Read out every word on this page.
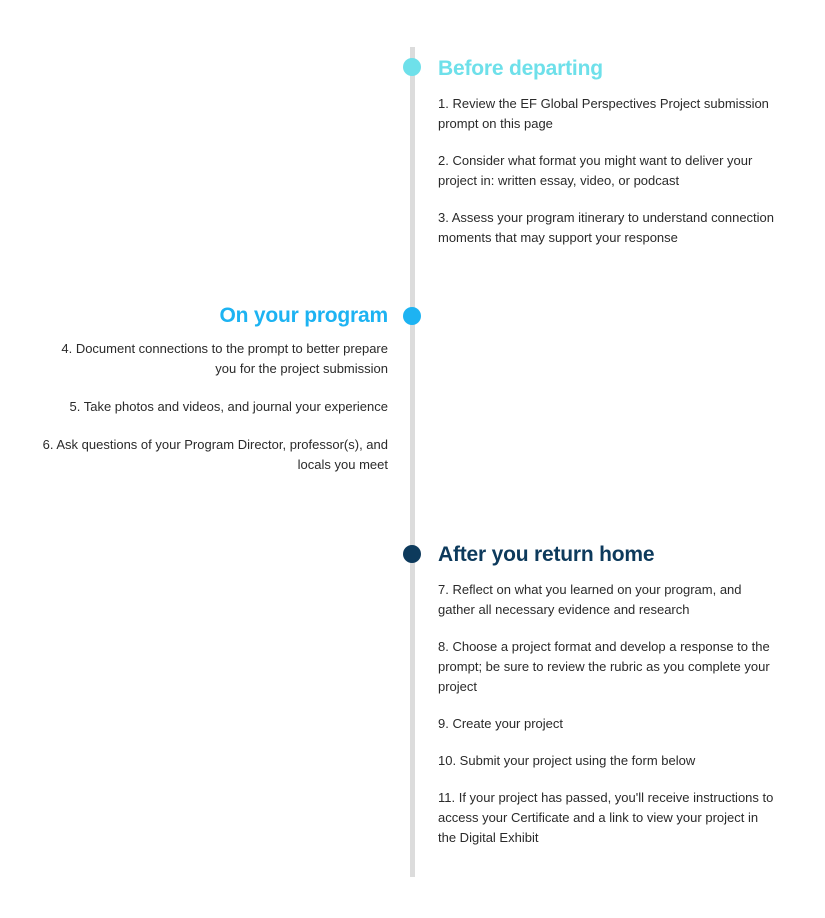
Before departing
1. Review the EF Global Perspectives Project submission prompt on this page
2. Consider what format you might want to deliver your project in: written essay, video, or podcast
3. Assess your program itinerary to understand connection moments that may support your response
On your program
4. Document connections to the prompt to better prepare you for the project submission
5. Take photos and videos, and journal your experience
6. Ask questions of your Program Director, professor(s), and locals you meet
After you return home
7. Reflect on what you learned on your program, and gather all necessary evidence and research
8. Choose a project format and develop a response to the prompt; be sure to review the rubric as you complete your project
9. Create your project
10. Submit your project using the form below
11. If your project has passed, you'll receive instructions to access your Certificate and a link to view your project in the Digital Exhibit
